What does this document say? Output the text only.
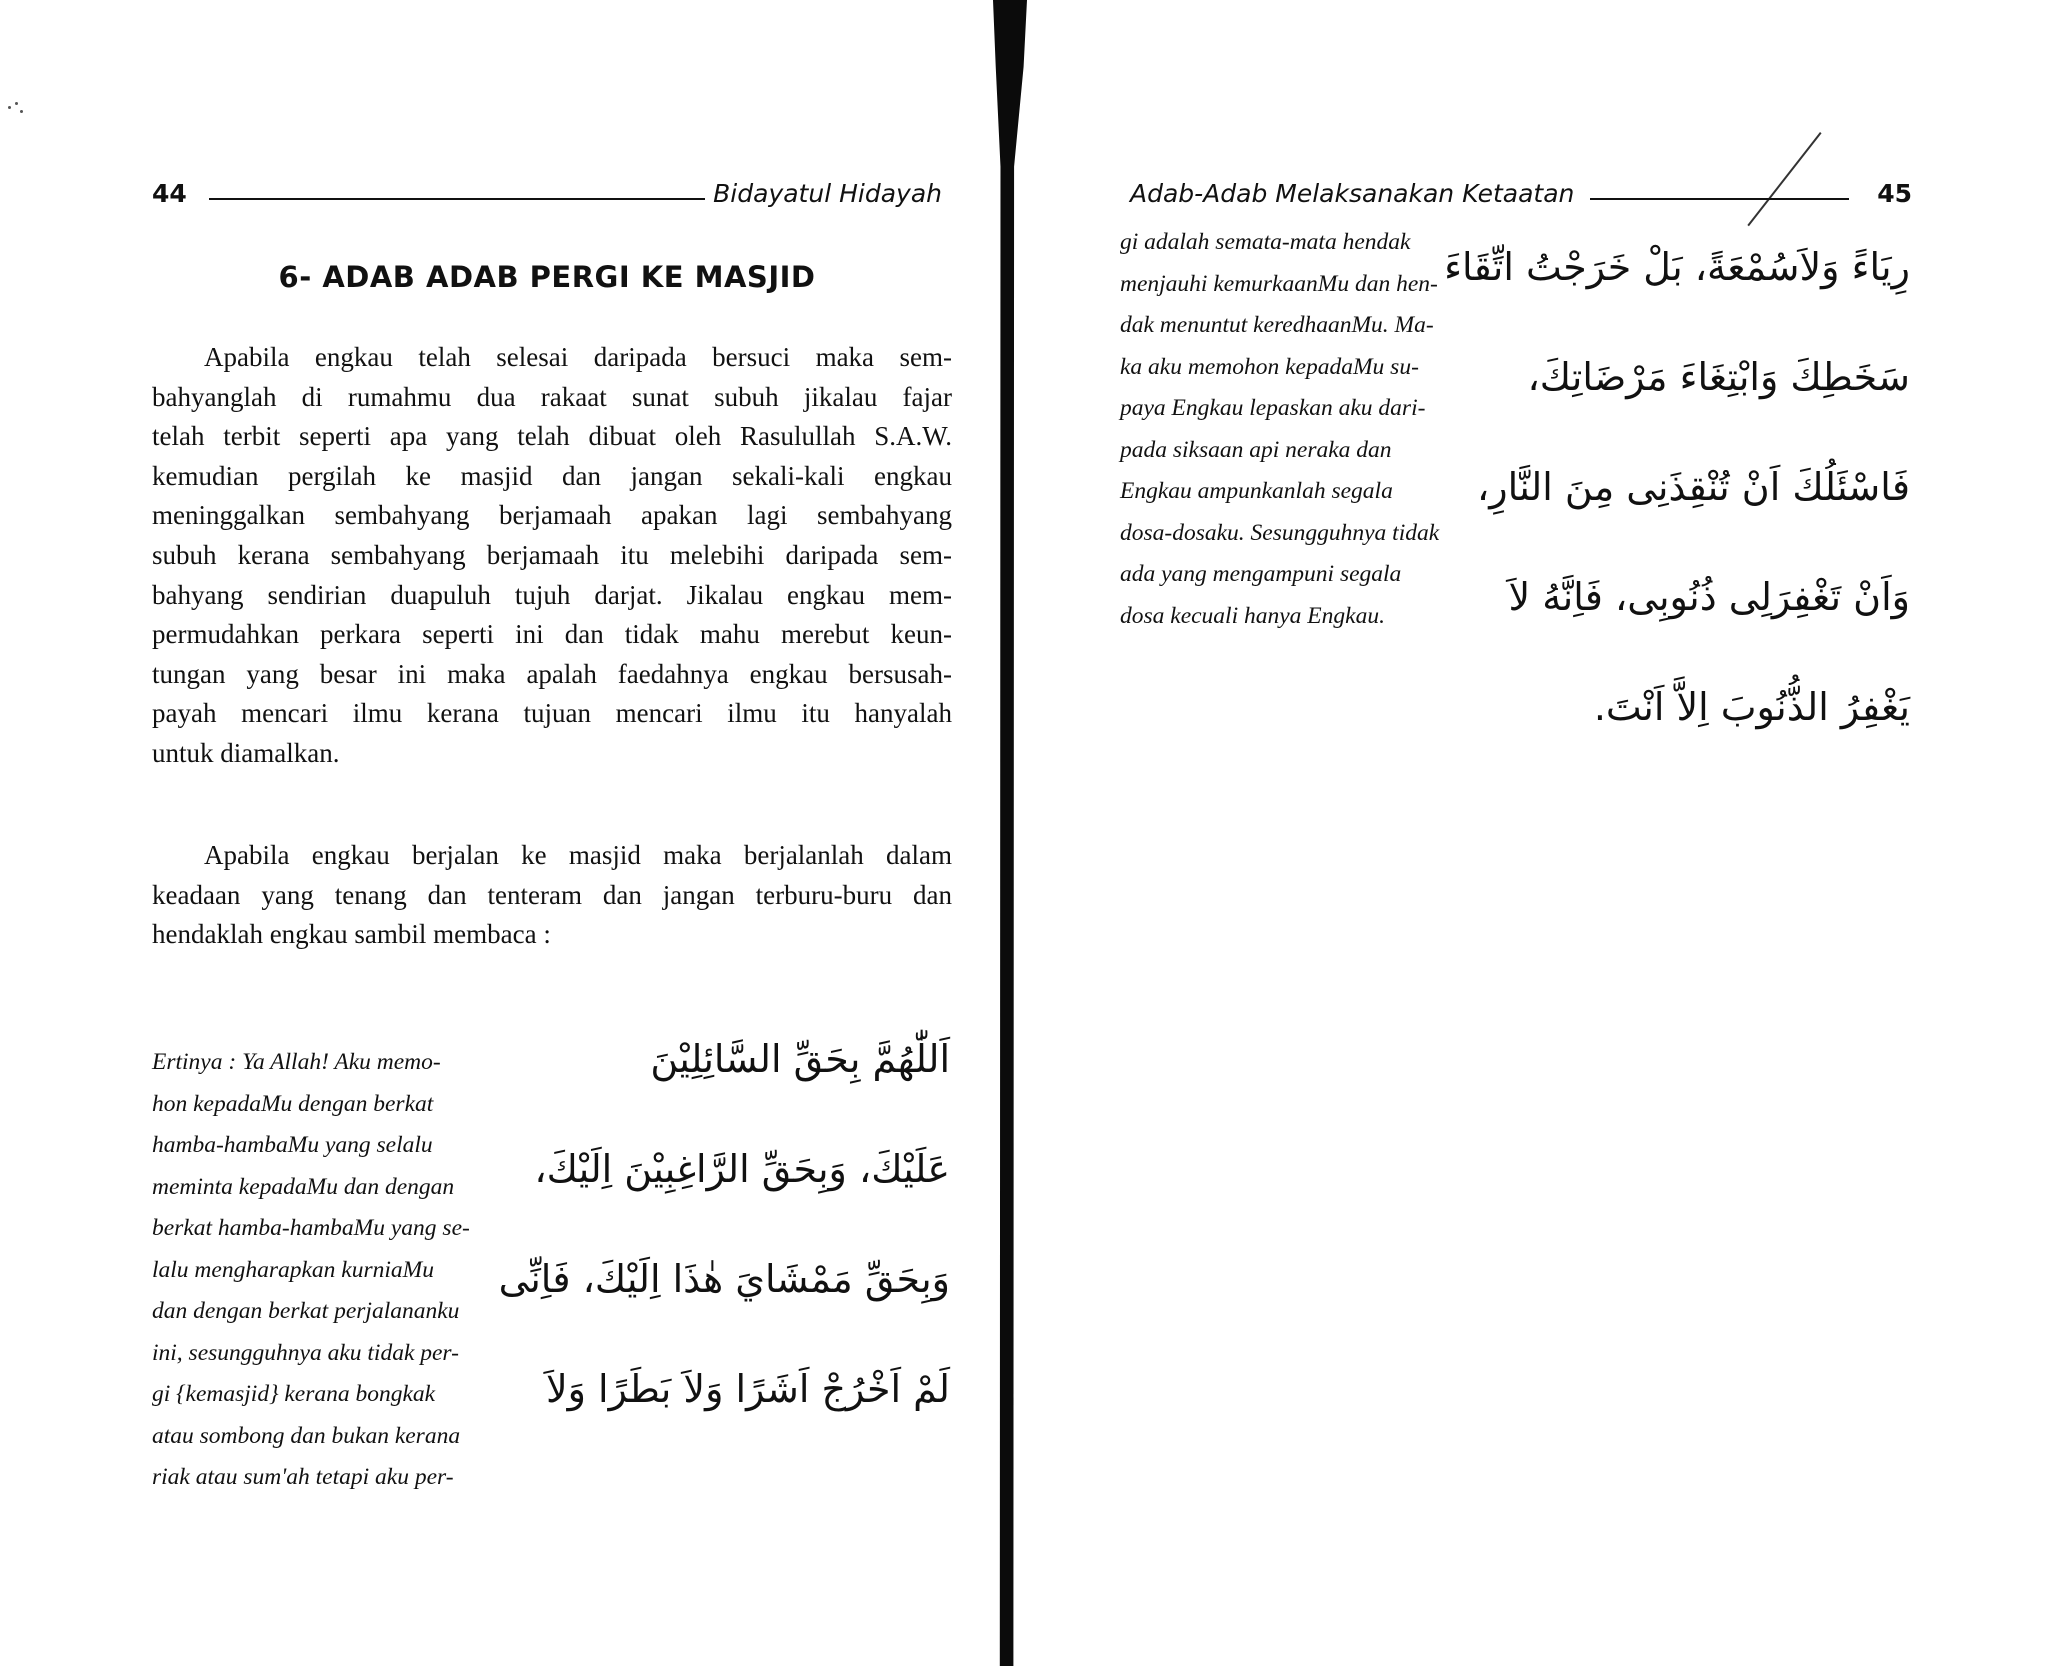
44	Bidayatul Hidayah
6- ADAB ADAB PERGI KE MASJID

Apabila engkau telah selesai daripada bersuci maka sem-
bahyanglah di rumahmu dua rakaat sunat subuh jikalau fajar
telah terbit seperti apa yang telah dibuat oleh Rasulullah S.A.W.
kemudian pergilah ke masjid dan jangan sekali-kali engkau
meninggalkan sembahyang berjamaah apakan lagi sembahyang
subuh kerana sembahyang berjamaah itu melebihi daripada sem-
bahyang sendirian duapuluh tujuh darjat. Jikalau engkau mem-
permudahkan perkara seperti ini dan tidak mahu merebut keun-
tungan yang besar ini maka apalah faedahnya engkau bersusah-
payah mencari ilmu kerana tujuan mencari ilmu itu hanyalah
untuk diamalkan.

Apabila engkau berjalan ke masjid maka berjalanlah dalam
keadaan yang tenang dan tenteram dan jangan terburu-buru dan
hendaklah engkau sambil membaca :

Ertinya : Ya Allah! Aku memo-
hon kepadaMu dengan berkat
hamba-hambaMu yang selalu
meminta kepadaMu dan dengan
berkat hamba-hambaMu yang se-
lalu mengharapkan kurniaMu
dan dengan berkat perjalananku
ini, sesungguhnya aku tidak per-
gi {kemasjid} kerana bongkak
atau sombong dan bukan kerana
riak atau sum'ah tetapi aku per-

اَللّٰهُمَّ بِحَقِّ السَّائِلِيْنَ
عَلَيْكَ، وَبِحَقِّ الرَّاغِبِيْنَ اِلَيْكَ،
وَبِحَقِّ مَمْشَايَ هٰذَا اِلَيْكَ، فَاِنِّى
لَمْ اَخْرُجْ اَشَرًا وَلاَ بَطَرًا وَلاَ
Adab-Adab Melaksanakan Ketaatan	45

gi adalah semata-mata hendak
menjauhi kemurkaanMu dan hen-
dak menuntut keredhaanMu. Ma-
ka aku memohon kepadaMu su-
paya Engkau lepaskan aku dari-
pada siksaan api neraka dan
Engkau ampunkanlah segala
dosa-dosaku. Sesungguhnya tidak
ada yang mengampuni segala
dosa kecuali hanya Engkau.

رِيَاءً وَلاَسُمْعَةً، بَلْ خَرَجْتُ اتِّقَاءَ
سَخَطِكَ وَابْتِغَاءَ مَرْضَاتِكَ،
فَاسْئَلُكَ اَنْ تُنْقِذَنِى مِنَ النَّارِ،
وَاَنْ تَغْفِرَلِى ذُنُوبِى، فَاِنَّهُ لاَ
يَغْفِرُ الذُّنُوبَ اِلاَّ اَنْتَ.
